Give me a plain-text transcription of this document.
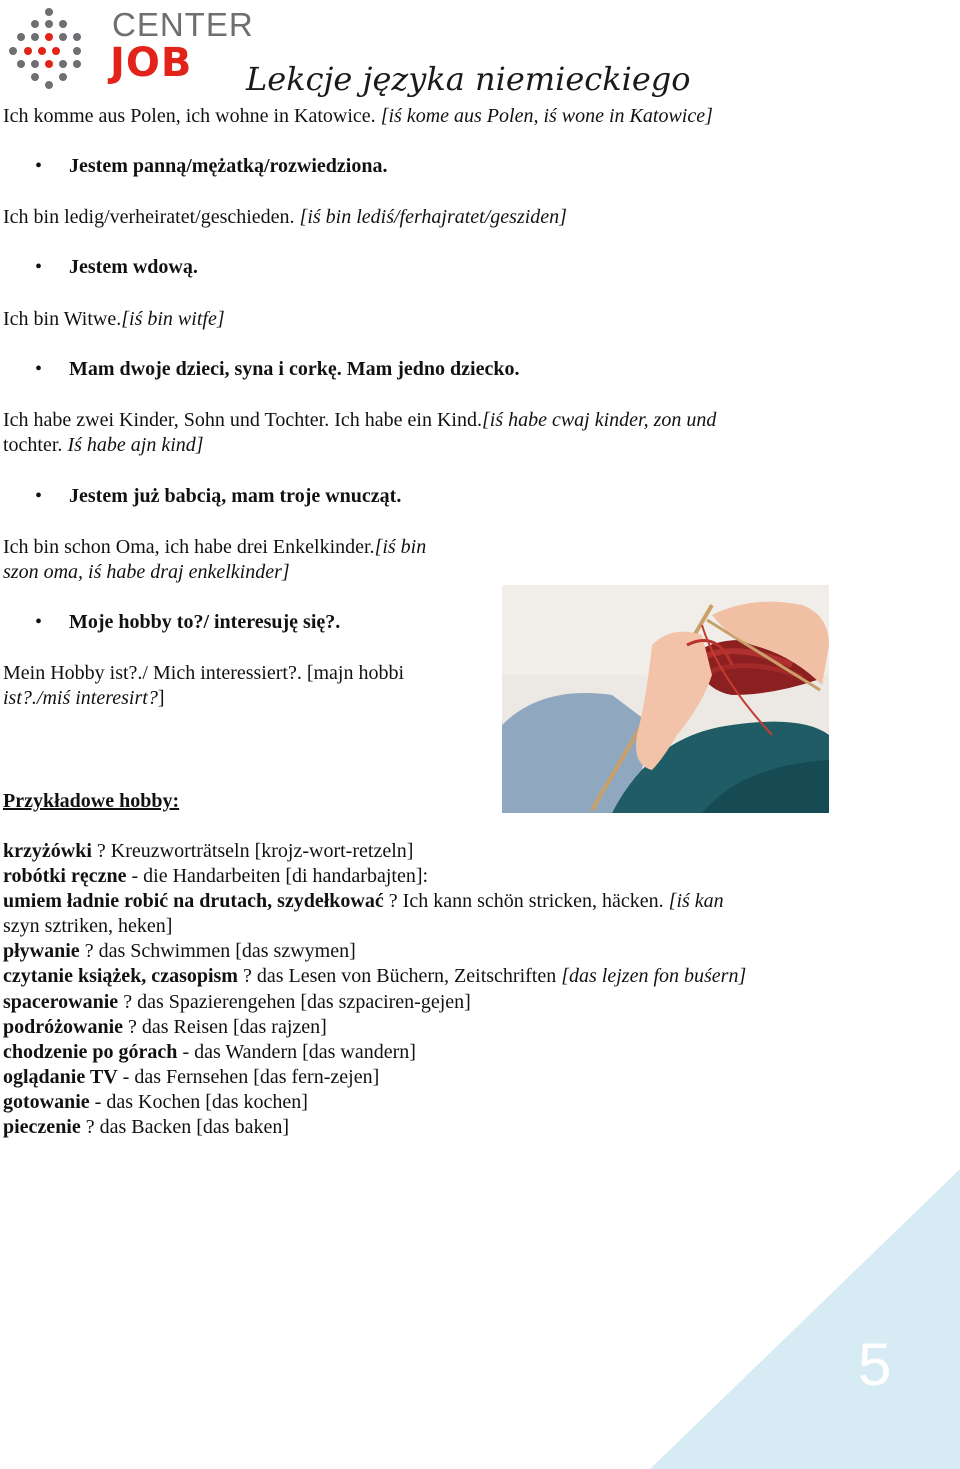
CENTER
JOB Lekcje języka niemieckiego
Ich komme aus Polen, ich wohne in Katowice. [iś kome aus Polen, iś wone in Katowice]
• Jestem panną/mężatką/rozwiedziona.
Ich bin ledig/verheiratet/geschieden. [iś bin lediś/ferhajratet/gesziden]
• Jestem wdową.
Ich bin Witwe.[iś bin witfe]
• Mam dwoje dzieci, syna i corkę. Mam jedno dziecko.
Ich habe zwei Kinder, Sohn und Tochter. Ich habe ein Kind.[iś habe cwaj kinder, zon und
tochter. Iś habe ajn kind]
• Jestem już babcią, mam troje wnucząt.
Ich bin schon Oma, ich habe drei Enkelkinder.[iś bin
szon oma, iś habe draj enkelkinder]
• Moje hobby to?/ interesuję się?.
Mein Hobby ist?./ Mich interessiert?. [majn hobbi
ist?./miś interesirt?]
Przykładowe hobby:
krzyżówki ? Kreuzworträtseln [krojz-wort-retzeln]
robótki ręczne - die Handarbeiten [di handarbajten]:
umiem ładnie robić na drutach, szydełkować ? Ich kann schön stricken, häcken. [iś kan
szyn sztriken, heken]
pływanie ? das Schwimmen [das szwymen]
czytanie książek, czasopism ? das Lesen von Büchern, Zeitschriften [das lejzen fon buśern]
spacerowanie ? das Spazierengehen [das szpaciren-gejen]
podróżowanie ? das Reisen [das rajzen]
chodzenie po górach - das Wandern [das wandern]
oglądanie TV - das Fernsehen [das fern-zejen]
gotowanie - das Kochen [das kochen]
pieczenie ? das Backen [das baken]
5
